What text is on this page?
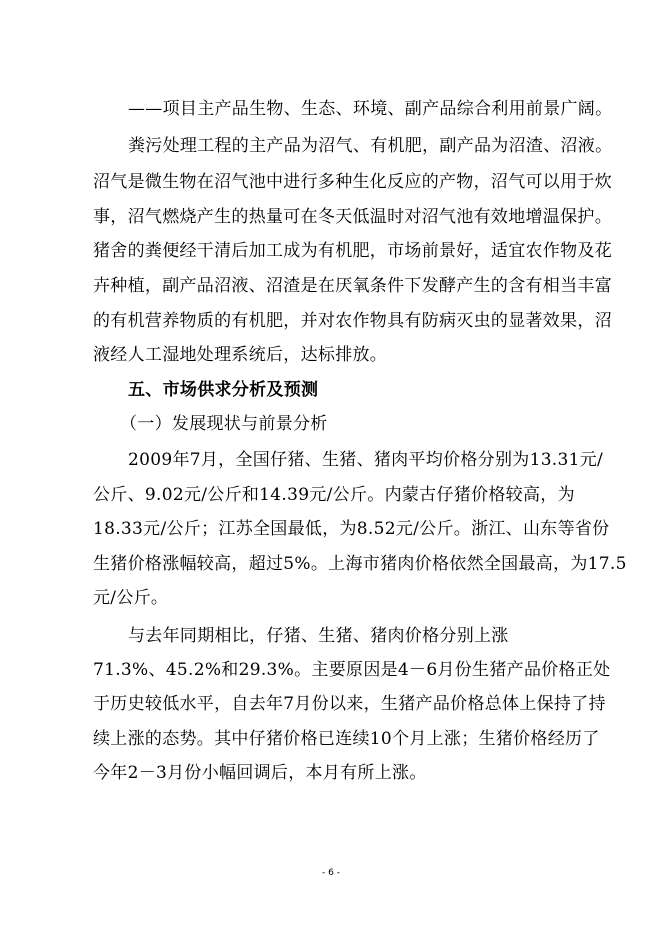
——项目主产品生物、生态、环境、副产品综合利用前景广阔。
粪污处理工程的主产品为沼气、有机肥，副产品为沼渣、沼液。
沼气是微生物在沼气池中进行多种生化反应的产物，沼气可以用于炊
事，沼气燃烧产生的热量可在冬天低温时对沼气池有效地增温保护。
猪舍的粪便经干清后加工成为有机肥，市场前景好，适宜农作物及花
卉种植，副产品沼液、沼渣是在厌氧条件下发酵产生的含有相当丰富
的有机营养物质的有机肥，并对农作物具有防病灭虫的显著效果，沼
液经人工湿地处理系统后，达标排放。
五、市场供求分析及预测
（一）发展现状与前景分析
2009年7月，全国仔猪、生猪、猪肉平均价格分别为13.31元/
公斤、9.02元/公斤和14.39元/公斤。内蒙古仔猪价格较高，为
18.33元/公斤；江苏全国最低，为8.52元/公斤。浙江、山东等省份
生猪价格涨幅较高，超过5%。上海市猪肉价格依然全国最高，为17.5
元/公斤。
与去年同期相比，仔猪、生猪、猪肉价格分别上涨
71.3%、45.2%和29.3%。主要原因是4－6月份生猪产品价格正处
于历史较低水平，自去年7月份以来，生猪产品价格总体上保持了持
续上涨的态势。其中仔猪价格已连续10个月上涨；生猪价格经历了
今年2－3月份小幅回调后，本月有所上涨。
- 6 -
